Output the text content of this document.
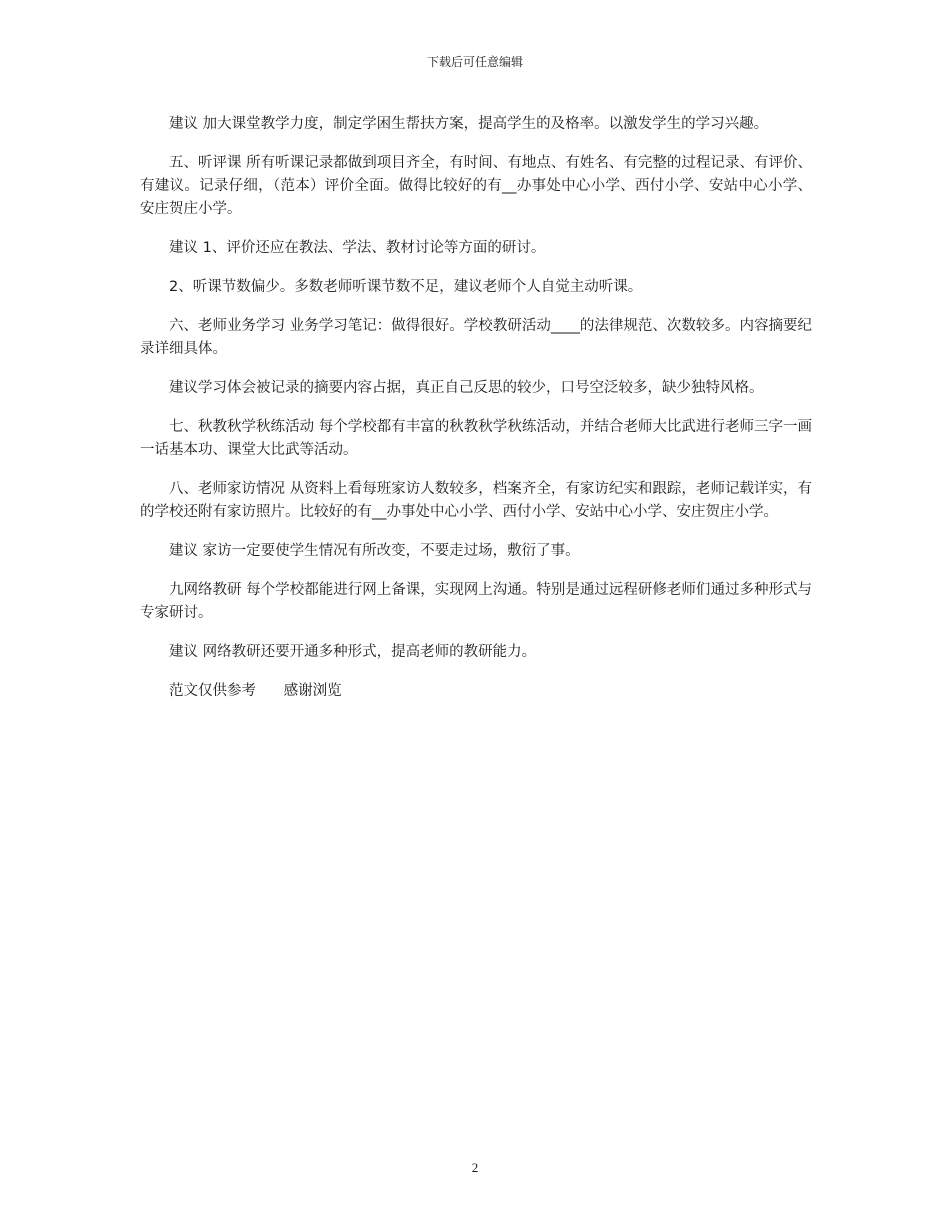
下载后可任意编辑

建议 加大课堂教学力度，制定学困生帮扶方案，提高学生的及格率。以激发学生的学习兴趣。

五、听评课 所有听课记录都做到项目齐全，有时间、有地点、有姓名、有完整的过程记录、有评价、有建议。记录仔细，（范本）评价全面。做得比较好的有__办事处中心小学、西付小学、安站中心小学、安庄贺庄小学。

建议 1、评价还应在教法、学法、教材讨论等方面的研讨。

2、听课节数偏少。多数老师听课节数不足，建议老师个人自觉主动听课。

六、老师业务学习 业务学习笔记：做得很好。学校教研活动____的法律规范、次数较多。内容摘要纪录详细具体。

建议学习体会被记录的摘要内容占据，真正自己反思的较少，口号空泛较多，缺少独特风格。

七、秋教秋学秋练活动 每个学校都有丰富的秋教秋学秋练活动，并结合老师大比武进行老师三字一画一话基本功、课堂大比武等活动。

八、老师家访情况 从资料上看每班家访人数较多，档案齐全，有家访纪实和跟踪，老师记载详实，有的学校还附有家访照片。比较好的有__办事处中心小学、西付小学、安站中心小学、安庄贺庄小学。

建议 家访一定要使学生情况有所改变，不要走过场，敷衍了事。

九网络教研 每个学校都能进行网上备课，实现网上沟通。特别是通过远程研修老师们通过多种形式与专家研讨。

建议 网络教研还要开通多种形式，提高老师的教研能力。

范文仅供参考      感谢浏览

2
